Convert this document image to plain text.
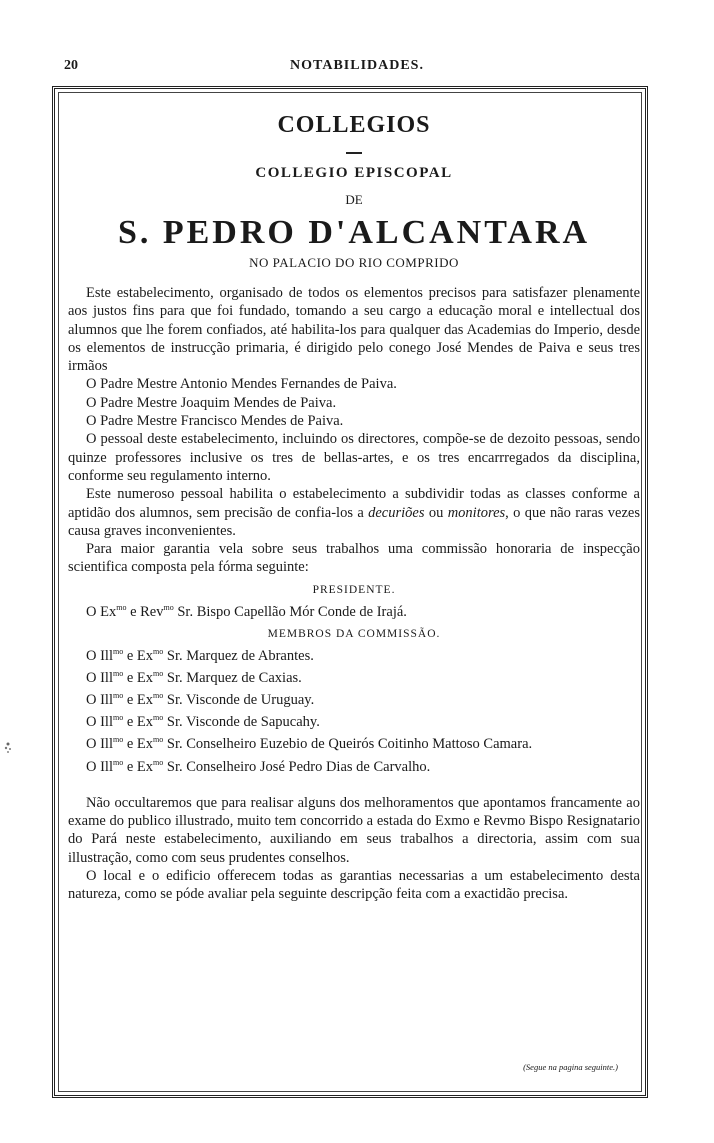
20	NOTABILIDADES.
COLLEGIOS
COLLEGIO EPISCOPAL
DE
S. PEDRO D'ALCANTARA
NO PALACIO DO RIO COMPRIDO

Este estabelecimento, organisado de todos os elementos precisos para satisfazer plenamente aos justos fins para que foi fundado, tomando a seu cargo a educação moral e intellectual dos alumnos que lhe forem confiados, até habilita-los para qualquer das Academias do Imperio, desde os elementos de instrucção primaria, é dirigido pelo conego José Mendes de Paiva e seus tres irmãos

O Padre Mestre Antonio Mendes Fernandes de Paiva.
O Padre Mestre Joaquim Mendes de Paiva.
O Padre Mestre Francisco Mendes de Paiva.

O pessoal deste estabelecimento, incluindo os directores, compõe-se de dezoito pessoas, sendo quinze professores inclusive os tres de bellas-artes, e os tres encarrregados da disciplina, conforme seu regulamento interno.

Este numeroso pessoal habilita o estabelecimento a subdividir todas as classes conforme a aptidão dos alumnos, sem precisão de confia-los a decuriões ou monitores, o que não raras vezes causa graves inconvenientes.

Para maior garantia vela sobre seus trabalhos uma commissão honoraria de inspecção scientifica composta pela fórma seguinte:

PRESIDENTE.
O $Ex^{mo}$ e Rev$^{mo}$ Sr. Bispo Capellão Mór Conde de Irajá.
MEMBROS DA COMMISSÃO.
O Ill$^{mo}$ e $Ex^{mo}$ Sr. Marquez de Abrantes.
O Ill$^{mo}$ e $Ex^{mo}$ Sr. Marquez de Caxias.
O Ill$^{mo}$ e $Ex^{mo}$ Sr. Visconde de Uruguay.
O Ill$^{mo}$ e $Ex^{mo}$ Sr. Visconde de Sapucahy.
O Ill$^{mo}$ e $Ex^{mo}$ Sr. Conselheiro Euzebio de Queirós Coitinho Mattoso Camara.
O Ill$^{mo}$ e $Ex^{mo}$ Sr. Conselheiro José Pedro Dias de Carvalho.

Não occultaremos que para realisar alguns dos melhoramentos que apontamos francamente ao exame do publico illustrado, muito tem concorrido a estada do Exmo e Revmo Bispo Resignatario do Pará neste estabelecimento, auxiliando em seus trabalhos a directoria, assim com sua illustração, como com seus prudentes conselhos.

O local e o edificio offerecem todas as garantias necessarias a um estabelecimento desta natureza, como se póde avaliar pela seguinte descripção feita com a exactidão precisa.

(Segue na pagina seguinte.)
